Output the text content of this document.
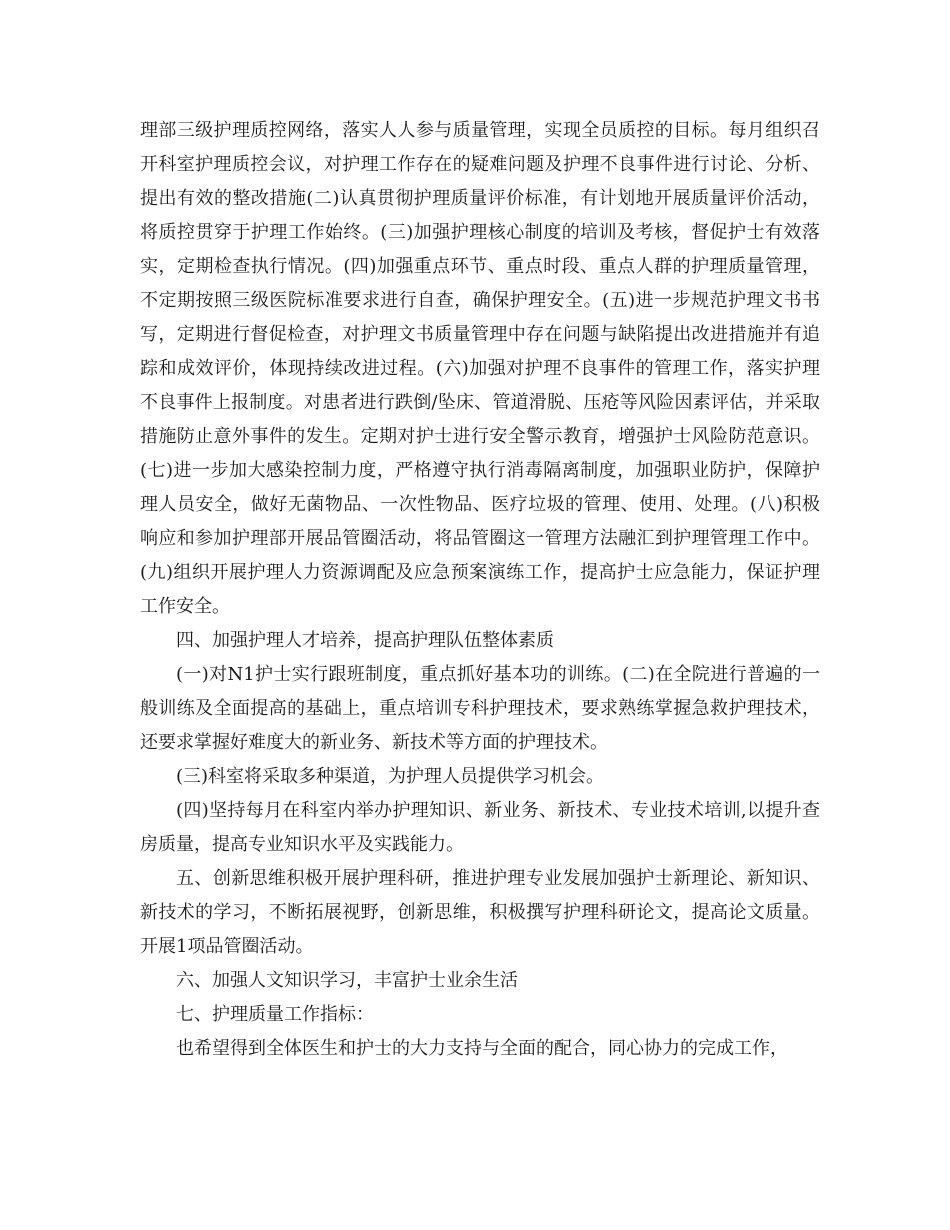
理部三级护理质控网络，落实人人参与质量管理，实现全员质控的目标。每月组织召开科室护理质控会议，对护理工作存在的疑难问题及护理不良事件进行讨论、分析、提出有效的整改措施(二)认真贯彻护理质量评价标准，有计划地开展质量评价活动，将质控贯穿于护理工作始终。(三)加强护理核心制度的培训及考核，督促护士有效落实，定期检查执行情况。(四)加强重点环节、重点时段、重点人群的护理质量管理，不定期按照三级医院标准要求进行自查，确保护理安全。(五)进一步规范护理文书书写，定期进行督促检查，对护理文书质量管理中存在问题与缺陷提出改进措施并有追踪和成效评价，体现持续改进过程。(六)加强对护理不良事件的管理工作，落实护理不良事件上报制度。对患者进行跌倒/坠床、管道滑脱、压疮等风险因素评估，并采取措施防止意外事件的发生。定期对护士进行安全警示教育，增强护士风险防范意识。(七)进一步加大感染控制力度，严格遵守执行消毒隔离制度，加强职业防护，保障护理人员安全，做好无菌物品、一次性物品、医疗垃圾的管理、使用、处理。(八)积极响应和参加护理部开展品管圈活动，将品管圈这一管理方法融汇到护理管理工作中。(九)组织开展护理人力资源调配及应急预案演练工作，提高护士应急能力，保证护理工作安全。

四、加强护理人才培养，提高护理队伍整体素质

(一)对N1护士实行跟班制度，重点抓好基本功的训练。(二)在全院进行普遍的一般训练及全面提高的基础上，重点培训专科护理技术，要求熟练掌握急救护理技术，还要求掌握好难度大的新业务、新技术等方面的护理技术。

(三)科室将采取多种渠道，为护理人员提供学习机会。

(四)坚持每月在科室内举办护理知识、新业务、新技术、专业技术培训,以提升查房质量，提高专业知识水平及实践能力。

五、创新思维积极开展护理科研，推进护理专业发展加强护士新理论、新知识、新技术的学习，不断拓展视野，创新思维，积极撰写护理科研论文，提高论文质量。开展1项品管圈活动。

六、加强人文知识学习，丰富护士业余生活

七、护理质量工作指标：

也希望得到全体医生和护士的大力支持与全面的配合，同心协力的完成工作，
